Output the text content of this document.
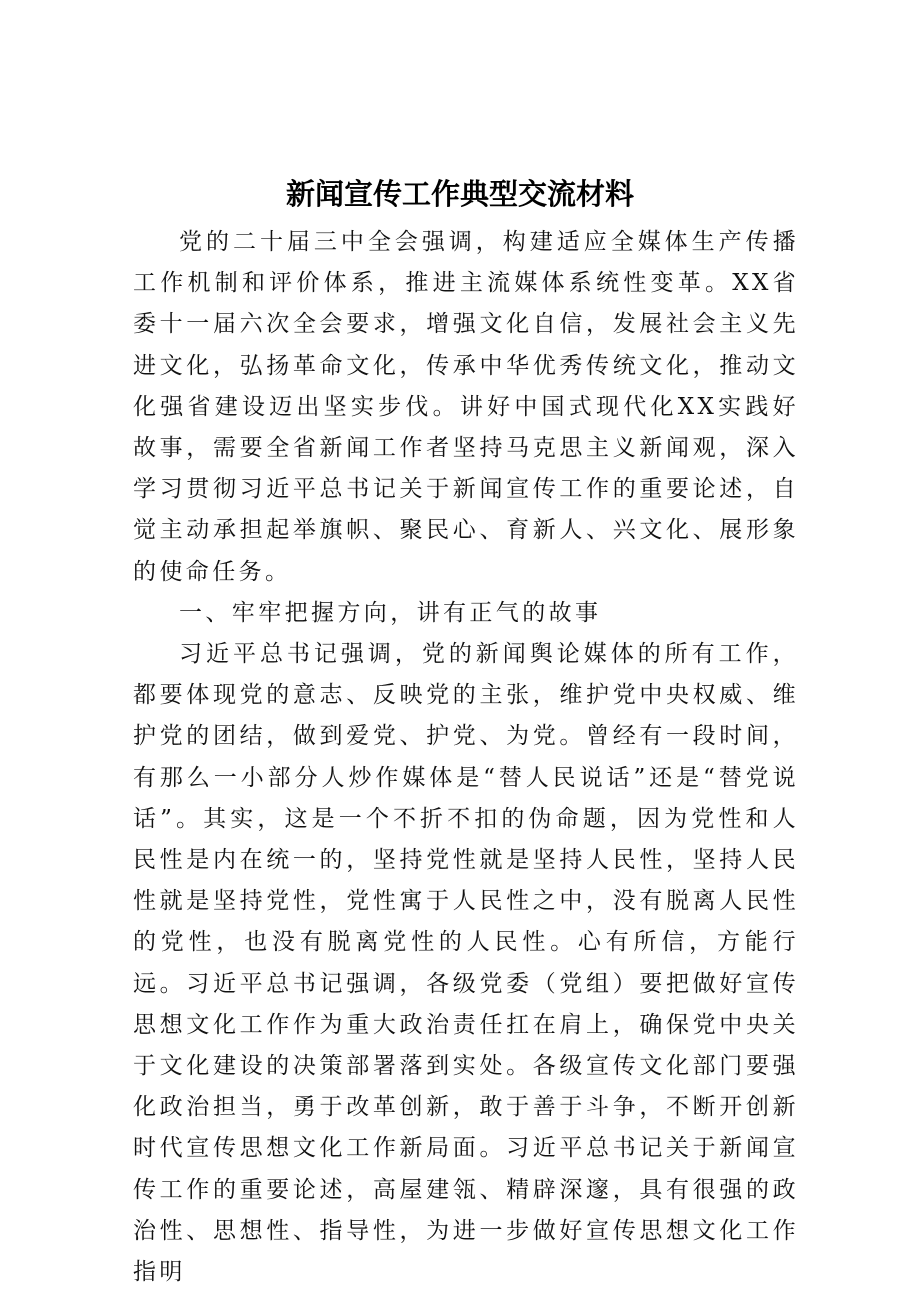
新闻宣传工作典型交流材料

党的二十届三中全会强调，构建适应全媒体生产传播工作机制和评价体系，推进主流媒体系统性变革。XX省委十一届六次全会要求，增强文化自信，发展社会主义先进文化，弘扬革命文化，传承中华优秀传统文化，推动文化强省建设迈出坚实步伐。讲好中国式现代化XX实践好故事，需要全省新闻工作者坚持马克思主义新闻观，深入学习贯彻习近平总书记关于新闻宣传工作的重要论述，自觉主动承担起举旗帜、聚民心、育新人、兴文化、展形象的使命任务。

一、牢牢把握方向，讲有正气的故事

习近平总书记强调，党的新闻舆论媒体的所有工作，都要体现党的意志、反映党的主张，维护党中央权威、维护党的团结，做到爱党、护党、为党。曾经有一段时间，有那么一小部分人炒作媒体是“替人民说话”还是“替党说话”。其实，这是一个不折不扣的伪命题，因为党性和人民性是内在统一的，坚持党性就是坚持人民性，坚持人民性就是坚持党性，党性寓于人民性之中，没有脱离人民性的党性，也没有脱离党性的人民性。心有所信，方能行远。习近平总书记强调，各级党委（党组）要把做好宣传思想文化工作作为重大政治责任扛在肩上，确保党中央关于文化建设的决策部署落到实处。各级宣传文化部门要强化政治担当，勇于改革创新，敢于善于斗争，不断开创新时代宣传思想文化工作新局面。习近平总书记关于新闻宣传工作的重要论述，高屋建瓴、精辟深邃，具有很强的政治性、思想性、指导性，为进一步做好宣传思想文化工作指明
